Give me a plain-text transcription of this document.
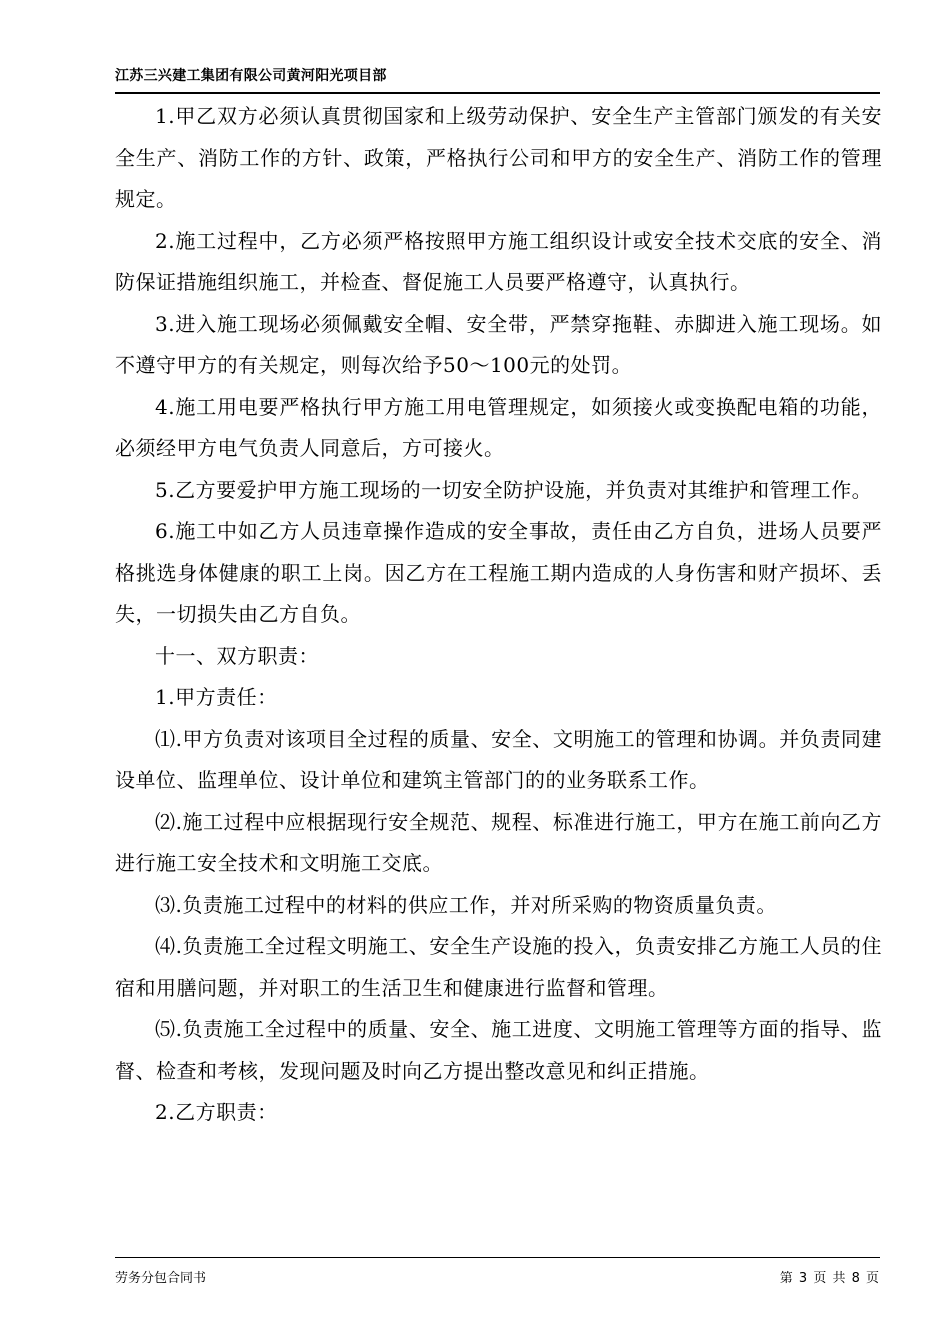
江苏三兴建工集团有限公司黄河阳光项目部

1.甲乙双方必须认真贯彻国家和上级劳动保护、安全生产主管部门颁发的有关安全生产、消防工作的方针、政策，严格执行公司和甲方的安全生产、消防工作的管理规定。

2.施工过程中，乙方必须严格按照甲方施工组织设计或安全技术交底的安全、消防保证措施组织施工，并检查、督促施工人员要严格遵守，认真执行。

3.进入施工现场必须佩戴安全帽、安全带，严禁穿拖鞋、赤脚进入施工现场。如不遵守甲方的有关规定，则每次给予50～100元的处罚。

4.施工用电要严格执行甲方施工用电管理规定，如须接火或变换配电箱的功能，必须经甲方电气负责人同意后，方可接火。

5.乙方要爱护甲方施工现场的一切安全防护设施，并负责对其维护和管理工作。

6.施工中如乙方人员违章操作造成的安全事故，责任由乙方自负，进场人员要严格挑选身体健康的职工上岗。因乙方在工程施工期内造成的人身伤害和财产损坏、丢失，一切损失由乙方自负。

十一、双方职责：

1.甲方责任：

⑴.甲方负责对该项目全过程的质量、安全、文明施工的管理和协调。并负责同建设单位、监理单位、设计单位和建筑主管部门的的业务联系工作。

⑵.施工过程中应根据现行安全规范、规程、标准进行施工，甲方在施工前向乙方进行施工安全技术和文明施工交底。

⑶.负责施工过程中的材料的供应工作，并对所采购的物资质量负责。

⑷.负责施工全过程文明施工、安全生产设施的投入，负责安排乙方施工人员的住宿和用膳问题，并对职工的生活卫生和健康进行监督和管理。

⑸.负责施工全过程中的质量、安全、施工进度、文明施工管理等方面的指导、监督、检查和考核，发现问题及时向乙方提出整改意见和纠正措施。

2.乙方职责：

劳务分包合同书	第 3 页 共 8 页
